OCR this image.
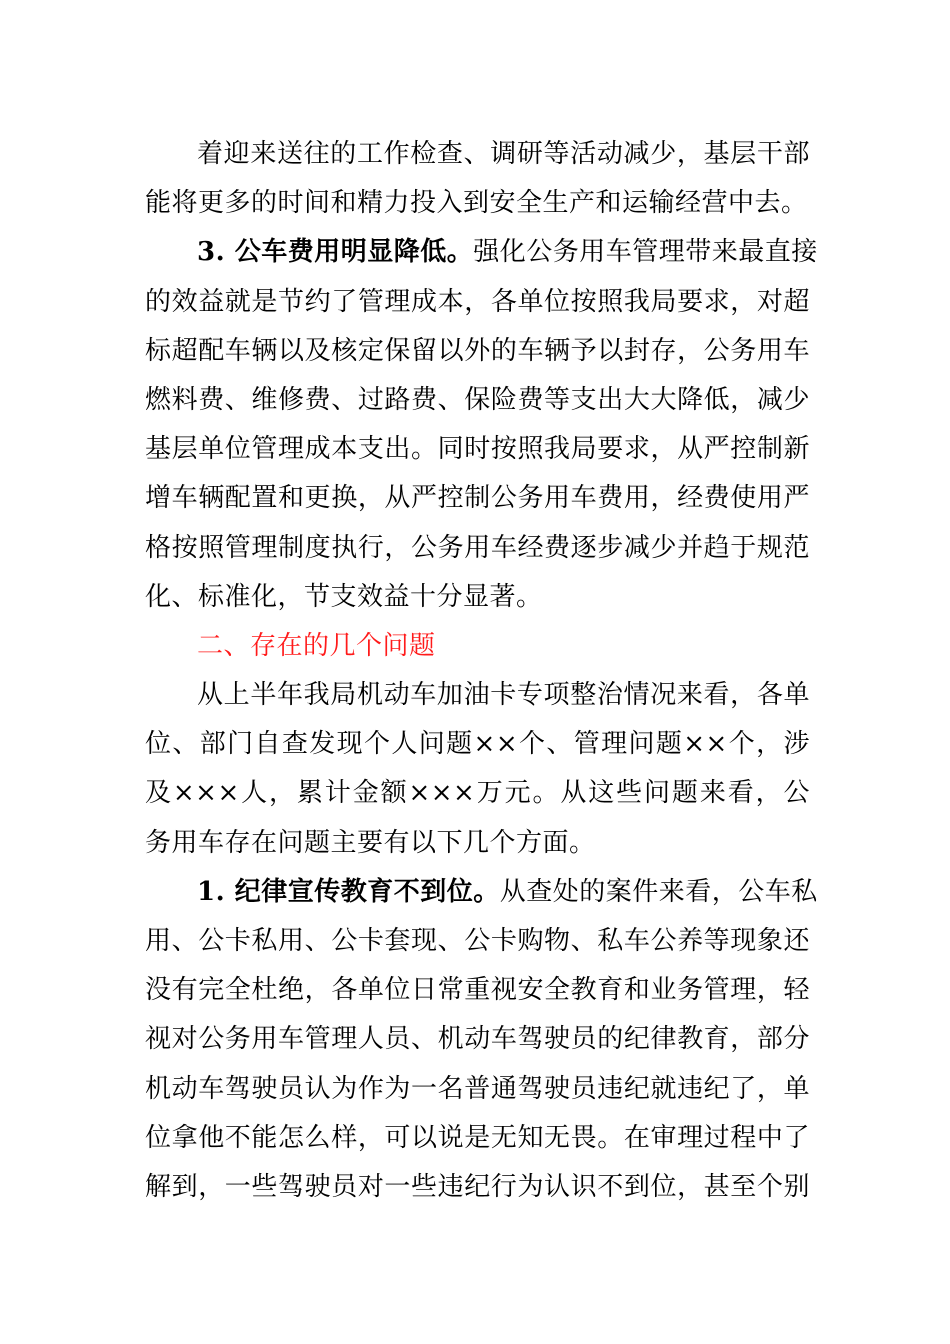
着迎来送往的工作检查、调研等活动减少，基层干部
能将更多的时间和精力投入到安全生产和运输经营中去。
3. 公车费用明显降低。强化公务用车管理带来最直接
的效益就是节约了管理成本，各单位按照我局要求，对超
标超配车辆以及核定保留以外的车辆予以封存，公务用车
燃料费、维修费、过路费、保险费等支出大大降低，减少
基层单位管理成本支出。同时按照我局要求，从严控制新
增车辆配置和更换，从严控制公务用车费用，经费使用严
格按照管理制度执行，公务用车经费逐步减少并趋于规范
化、标准化，节支效益十分显著。
二、存在的几个问题
从上半年我局机动车加油卡专项整治情况来看，各单
位、部门自查发现个人问题××个、管理问题××个，涉
及×××人，累计金额×××万元。从这些问题来看，公
务用车存在问题主要有以下几个方面。
1. 纪律宣传教育不到位。从查处的案件来看，公车私
用、公卡私用、公卡套现、公卡购物、私车公养等现象还
没有完全杜绝，各单位日常重视安全教育和业务管理，轻
视对公务用车管理人员、机动车驾驶员的纪律教育，部分
机动车驾驶员认为作为一名普通驾驶员违纪就违纪了，单
位拿他不能怎么样，可以说是无知无畏。在审理过程中了
解到，一些驾驶员对一些违纪行为认识不到位，甚至个别
